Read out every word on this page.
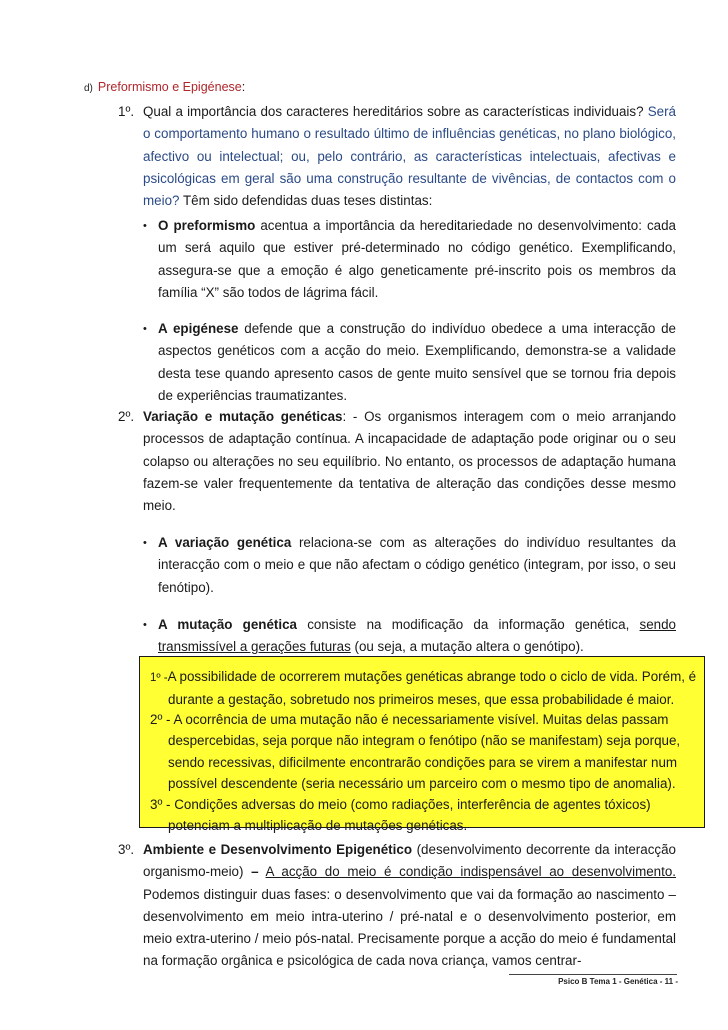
d) Preformismo e Epigénese:
1º. Qual a importância dos caracteres hereditários sobre as características individuais? Será o comportamento humano o resultado último de influências genéticas, no plano biológico, afectivo ou intelectual; ou, pelo contrário, as características intelectuais, afectivas e psicológicas em geral são uma construção resultante de vivências, de contactos com o meio? Têm sido defendidas duas teses distintas:
• O preformismo acentua a importância da hereditariedade no desenvolvimento: cada um será aquilo que estiver pré-determinado no código genético. Exemplificando, assegura-se que a emoção é algo geneticamente pré-inscrito pois os membros da família “X” são todos de lágrima fácil.
• A epigénese defende que a construção do indivíduo obedece a uma interacção de aspectos genéticos com a acção do meio. Exemplificando, demonstra-se a validade desta tese quando apresento casos de gente muito sensível que se tornou fria depois de experiências traumatizantes.
2º. Variação e mutação genéticas: - Os organismos interagem com o meio arranjando processos de adaptação contínua. A incapacidade de adaptação pode originar ou o seu colapso ou alterações no seu equilíbrio. No entanto, os processos de adaptação humana fazem-se valer frequentemente da tentativa de alteração das condições desse mesmo meio.
• A variação genética relaciona-se com as alterações do indivíduo resultantes da interacção com o meio e que não afectam o código genético (integram, por isso, o seu fenótipo).
• A mutação genética consiste na modificação da informação genética, sendo transmissível a gerações futuras (ou seja, a mutação altera o genótipo).
1º -A possibilidade de ocorrerem mutações genéticas abrange todo o ciclo de vida. Porém, é durante a gestação, sobretudo nos primeiros meses, que essa probabilidade é maior.
2º - A ocorrência de uma mutação não é necessariamente visível. Muitas delas passam despercebidas, seja porque não integram o fenótipo (não se manifestam) seja porque, sendo recessivas, dificilmente encontrarão condições para se virem a manifestar num possível descendente (seria necessário um parceiro com o mesmo tipo de anomalia).
3º - Condições adversas do meio (como radiações, interferência de agentes tóxicos) potenciam a multiplicação de mutações genéticas.
3º. Ambiente e Desenvolvimento Epigenético (desenvolvimento decorrente da interacção organismo-meio) – A acção do meio é condição indispensável ao desenvolvimento. Podemos distinguir duas fases: o desenvolvimento que vai da formação ao nascimento – desenvolvimento em meio intra-uterino / pré-natal e o desenvolvimento posterior, em meio extra-uterino / meio pós-natal. Precisamente porque a acção do meio é fundamental na formação orgânica e psicológica de cada nova criança, vamos centrar-
Psico B Tema 1 - Genética - 11 -
